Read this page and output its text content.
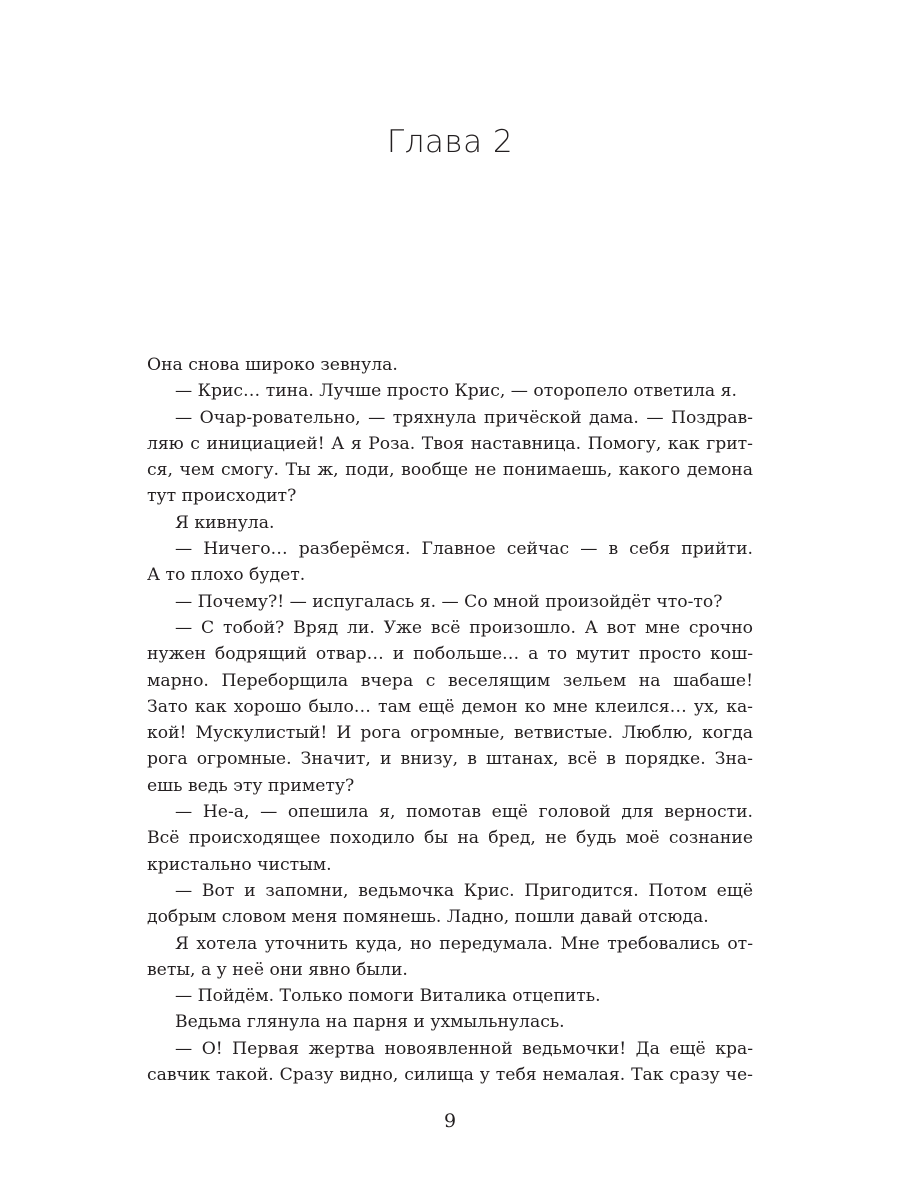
Глава 2
Она снова широко зевнула.
— Крис… тина. Лучше просто Крис, — оторопело ответила я.
— Очар-ровательно, — тряхнула причёской дама. — Поздрав-
ляю с инициацией! А я Роза. Твоя наставница. Помогу, как грит-
ся, чем смогу. Ты ж, поди, вообще не понимаешь, какого демона
тут происходит?
Я кивнула.
— Ничего… разберёмся. Главное сейчас — в себя прийти.
А то плохо будет.
— Почему?! — испугалась я. — Со мной произойдёт что-то?
— С тобой? Вряд ли. Уже всё произошло. А вот мне срочно
нужен бодрящий отвар… и побольше… а то мутит просто кош-
марно. Переборщила вчера с веселящим зельем на шабаше!
Зато как хорошо было… там ещё демон ко мне клеился… ух, ка-
кой! Мускулистый! И рога огромные, ветвистые. Люблю, когда
рога огромные. Значит, и внизу, в штанах, всё в порядке. Зна-
ешь ведь эту примету?
— Не-а, — опешила я, помотав ещё головой для верности.
Всё происходящее походило бы на бред, не будь моё сознание
кристально чистым.
— Вот и запомни, ведьмочка Крис. Пригодится. Потом ещё
добрым словом меня помянешь. Ладно, пошли давай отсюда.
Я хотела уточнить куда, но передумала. Мне требовались от-
веты, а у неё они явно были.
— Пойдём. Только помоги Виталика отцепить.
Ведьма глянула на парня и ухмыльнулась.
— О! Первая жертва новоявленной ведьмочки! Да ещё кра-
савчик такой. Сразу видно, силища у тебя немалая. Так сразу че-
9
